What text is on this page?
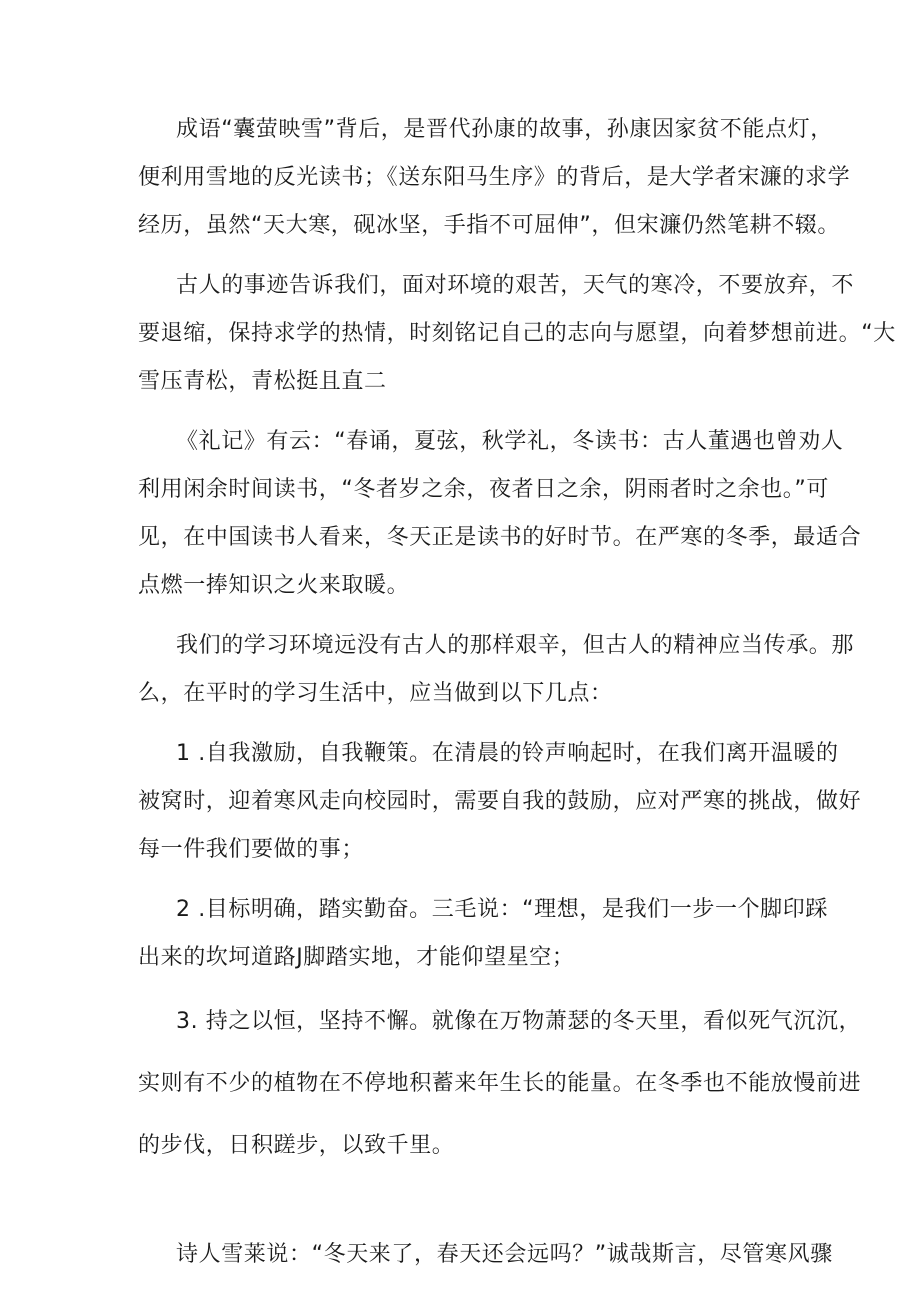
成语“囊萤映雪”背后，是晋代孙康的故事，孙康因家贫不能点灯，
便利用雪地的反光读书；《送东阳马生序》的背后，是大学者宋濂的求学
经历，虽然“天大寒，砚冰坚，手指不可屈伸”，但宋濂仍然笔耕不辍。
古人的事迹告诉我们，面对环境的艰苦，天气的寒冷，不要放弃，不
要退缩，保持求学的热情，时刻铭记自己的志向与愿望，向着梦想前进。“大
雪压青松，青松挺且直二
《礼记》有云：“春诵，夏弦，秋学礼，冬读书：古人董遇也曾劝人
利用闲余时间读书，“冬者岁之余，夜者日之余，阴雨者时之余也。”可
见，在中国读书人看来，冬天正是读书的好时节。在严寒的冬季，最适合
点燃一捧知识之火来取暖。
我们的学习环境远没有古人的那样艰辛，但古人的精神应当传承。那
么，在平时的学习生活中，应当做到以下几点：
1 .自我激励，自我鞭策。在清晨的铃声响起时，在我们离开温暖的
被窝时，迎着寒风走向校园时，需要自我的鼓励，应对严寒的挑战，做好
每一件我们要做的事；
2 .目标明确，踏实勤奋。三毛说：“理想，是我们一步一个脚印踩
出来的坎坷道路J脚踏实地，才能仰望星空；
3. 持之以恒，坚持不懈。就像在万物萧瑟的冬天里，看似死气沉沉，
实则有不少的植物在不停地积蓄来年生长的能量。在冬季也不能放慢前进
的步伐，日积蹉步，以致千里。
诗人雪莱说：“冬天来了，春天还会远吗？”诚哉斯言，尽管寒风骤
